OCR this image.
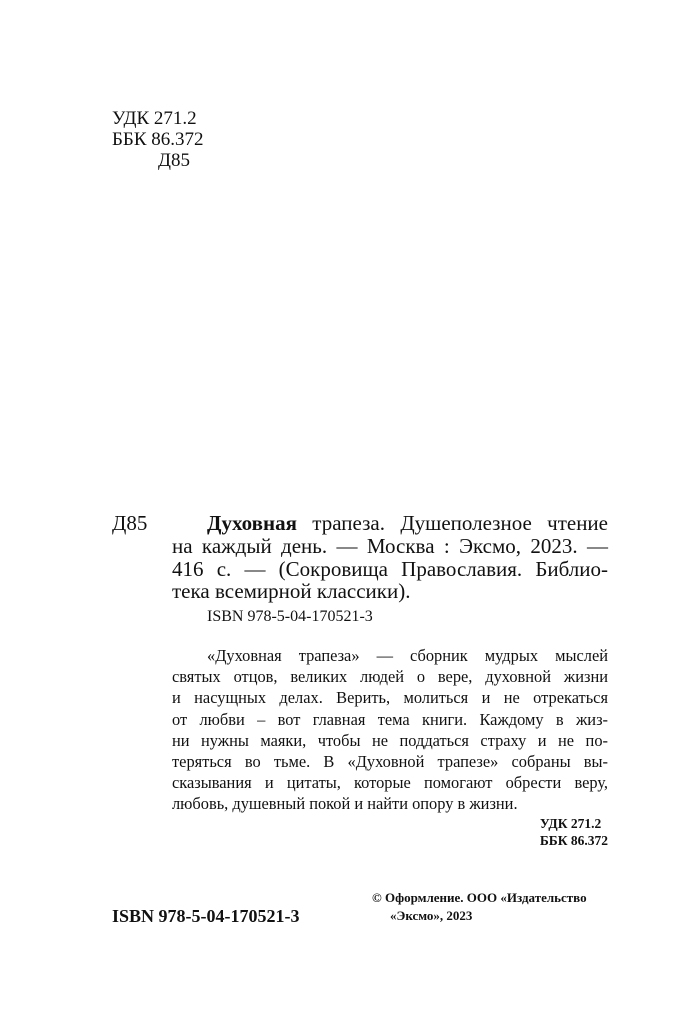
УДК 271.2
ББК 86.372
Д85
Д85	Духовная трапеза. Душеполезное чтение
на каждый день. — Москва : Эксмо, 2023. —
416 с. — (Сокровища Православия. Библио-
тека всемирной классики).
ISBN 978-5-04-170521-3
«Духовная трапеза» — сборник мудрых мыслей
святых отцов, великих людей о вере, духовной жизни
и насущных делах. Верить, молиться и не отрекаться
от любви – вот главная тема книги. Каждому в жиз-
ни нужны маяки, чтобы не поддаться страху и не по-
теряться во тьме. В «Духовной трапезе» собраны вы-
сказывания и цитаты, которые помогают обрести веру,
любовь, душевный покой и найти опору в жизни.
УДК 271.2
ББК 86.372
ISBN 978-5-04-170521-3
© Оформление. ООО «Издательство
«Эксмо», 2023
